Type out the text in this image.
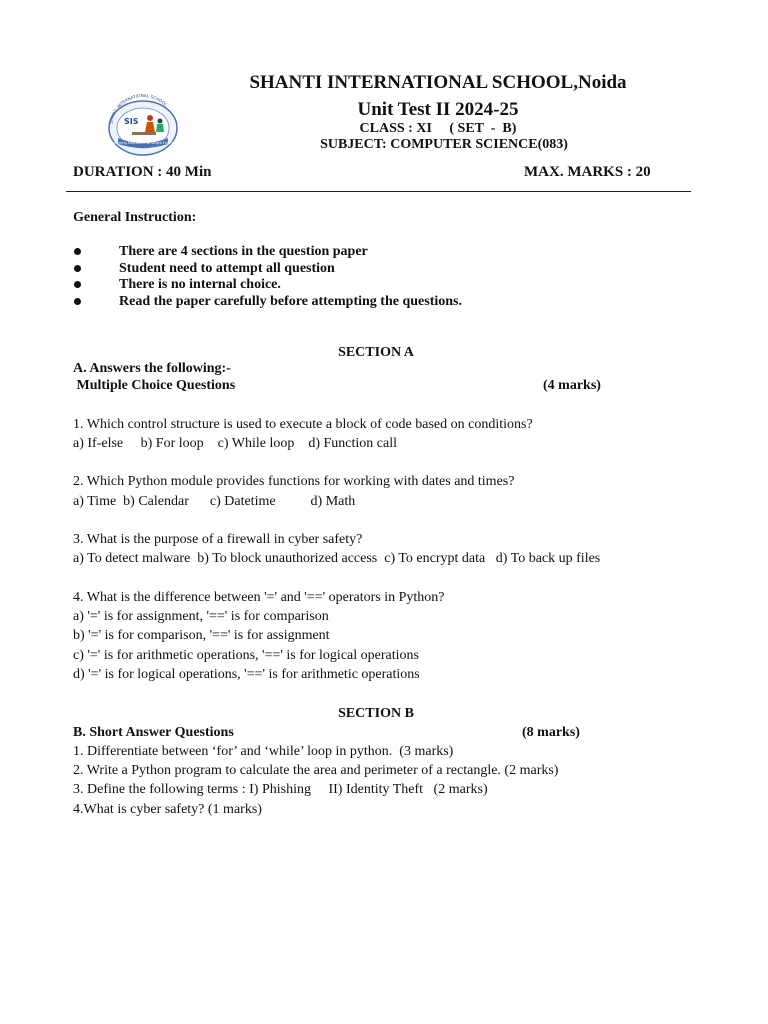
SHANTI INTERNATIONAL SCHOOL,Noida
Unit Test II 2024-25
CLASS : XI     ( SET  -  B)
SUBJECT: COMPUTER SCIENCE(083)
SHANTI INTERNATIONAL SCHOOL
SIS
Nurturing Educators for Bright Futures
DURATION : 40 Min	MAX. MARKS : 20
General Instruction:
There are 4 sections in the question paper
Student need to attempt all question
There is no internal choice.
Read the paper carefully before attempting the questions.
SECTION A
A. Answers the following:-
Multiple Choice Questions	(4 marks)
1. Which control structure is used to execute a block of code based on conditions?
a) If-else     b) For loop    c) While loop    d) Function call
2. Which Python module provides functions for working with dates and times?
a) Time  b) Calendar      c) Datetime          d) Math
3. What is the purpose of a firewall in cyber safety?
a) To detect malware  b) To block unauthorized access  c) To encrypt data   d) To back up files
4. What is the difference between '=' and '==' operators in Python?
a) '=' is for assignment, '==' is for comparison
b) '=' is for comparison, '==' is for assignment
c) '=' is for arithmetic operations, '==' is for logical operations
d) '=' is for logical operations, '==' is for arithmetic operations
SECTION B
B. Short Answer Questions	(8 marks)
1. Differentiate between ‘for’ and ‘while’ loop in python.  (3 marks)
2. Write a Python program to calculate the area and perimeter of a rectangle. (2 marks)
3. Define the following terms : I) Phishing     II) Identity Theft   (2 marks)
4.What is cyber safety? (1 marks)
